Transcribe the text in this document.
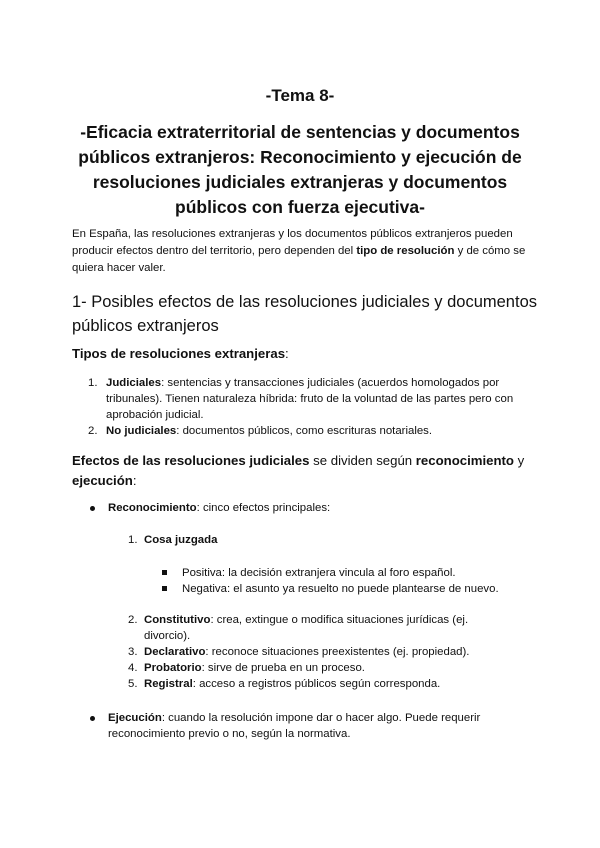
-Tema 8-
-Eficacia extraterritorial de sentencias y documentos públicos extranjeros: Reconocimiento y ejecución de resoluciones judiciales extranjeras y documentos públicos con fuerza ejecutiva-

En España, las resoluciones extranjeras y los documentos públicos extranjeros pueden producir efectos dentro del territorio, pero dependen del tipo de resolución y de cómo se quiera hacer valer.

1- Posibles efectos de las resoluciones judiciales y documentos públicos extranjeros

Tipos de resoluciones extranjeras:

1. Judiciales: sentencias y transacciones judiciales (acuerdos homologados por tribunales). Tienen naturaleza híbrida: fruto de la voluntad de las partes pero con aprobación judicial.
2. No judiciales: documentos públicos, como escrituras notariales.

Efectos de las resoluciones judiciales se dividen según reconocimiento y ejecución:

Reconocimiento: cinco efectos principales:
1. Cosa juzgada
Positiva: la decisión extranjera vincula al foro español.
Negativa: el asunto ya resuelto no puede plantearse de nuevo.
2. Constitutivo: crea, extingue o modifica situaciones jurídicas (ej. divorcio).
3. Declarativo: reconoce situaciones preexistentes (ej. propiedad).
4. Probatorio: sirve de prueba en un proceso.
5. Registral: acceso a registros públicos según corresponda.
Ejecución: cuando la resolución impone dar o hacer algo. Puede requerir reconocimiento previo o no, según la normativa.
